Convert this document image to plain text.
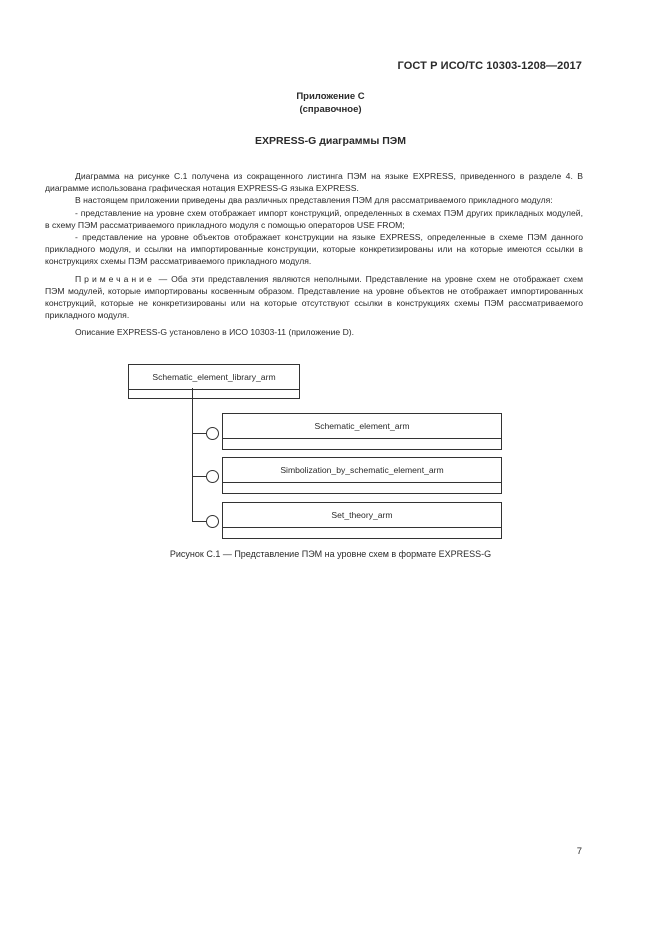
ГОСТ Р ИСО/ТС 10303-1208—2017
Приложение С
(справочное)
EXPRESS-G диаграммы ПЭМ

Диаграмма на рисунке С.1 получена из сокращенного листинга ПЭМ на языке EXPRESS, приведенного в разделе 4. В диаграмме использована графическая нотация EXPRESS-G языка EXPRESS.

В настоящем приложении приведены два различных представления ПЭМ для рассматриваемого прикладного модуля:

- представление на уровне схем отображает импорт конструкций, определенных в схемах ПЭМ других прикладных модулей, в схему ПЭМ рассматриваемого прикладного модуля с помощью операторов USE FROM;

- представление на уровне объектов отображает конструкции на языке EXPRESS, определенные в схеме ПЭМ данного прикладного модуля, и ссылки на импортированные конструкции, которые конкретизированы или на которые имеются ссылки в конструкциях схемы ПЭМ рассматриваемого прикладного модуля.

Примечание — Оба эти представления являются неполными. Представление на уровне схем не отображает схем ПЭМ модулей, которые импортированы косвенным образом. Представление на уровне объектов не отображает импортированных конструкций, которые не конкретизированы или на которые отсутствуют ссылки в конструкциях схемы ПЭМ рассматриваемого прикладного модуля.

Описание EXPRESS-G установлено в ИСО 10303-11 (приложение D).

Schematic_element_library_arm
Schematic_element_arm
Simbolization_by_schematic_element_arm
Set_theory_arm
Рисунок С.1 — Представление ПЭМ на уровне схем в формате EXPRESS-G
7
